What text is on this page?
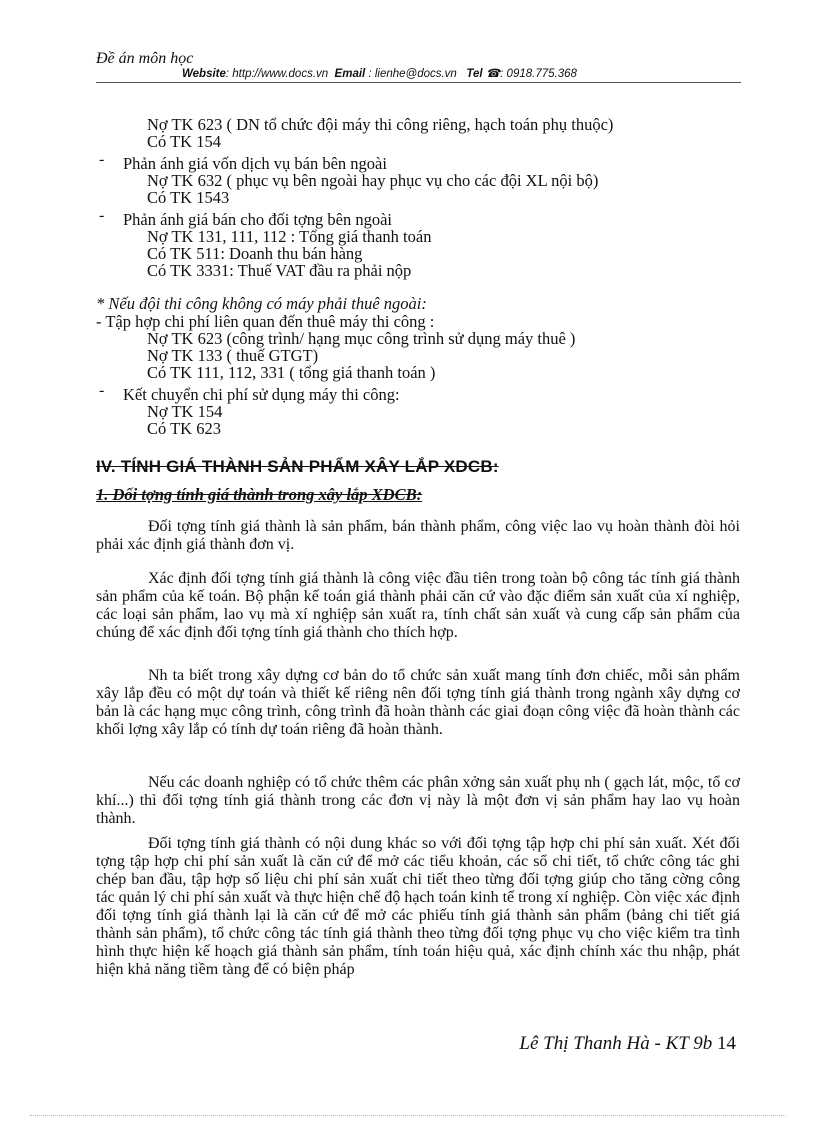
Đề án môn học
Website: http://www.docs.vn Email : lienhe@docs.vn Tel ☎: 0918.775.368
Nợ TK 623 ( DN tổ chức đội máy thi công riêng, hạch toán phụ thuộc)
Có TK 154
- Phản ánh giá vốn dịch vụ bán bên ngoài
Nợ TK 632 ( phục vụ bên ngoài hay phục vụ cho các đội XL nội bộ)
Có TK 1543
- Phản ánh giá bán cho đối tợng bên ngoài
Nợ TK 131, 111, 112 : Tổng giá thanh toán
Có TK 511: Doanh thu bán hàng
Có TK 3331: Thuế VAT đầu ra phải nộp
* Nếu đội thi công không có máy phải thuê ngoài:
- Tập hợp chi phí liên quan đến thuê máy thi công :
Nợ TK 623 (công trình/ hạng mục công trình sử dụng máy thuê )
Nợ TK 133 ( thuế GTGT)
Có TK 111, 112, 331 ( tổng giá thanh toán )
- Kết chuyển chi phí sử dụng máy thi công:
Nợ TK 154
Có TK 623
IV. TÍNH GIÁ THÀNH SẢN PHẨM XÂY LẮP XDCB:
1. Đối tợng tính giá thành trong xây lắp XDCB:
Đối tợng tính giá thành là sản phẩm, bán thành phẩm, công việc lao vụ hoàn thành đòi hỏi phải xác định giá thành đơn vị.
Xác định đối tợng tính giá thành là công việc đầu tiên trong toàn bộ công tác tính giá thành sản phẩm của kế toán. Bộ phận kế toán giá thành phải căn cứ vào đặc điểm sản xuất của xí nghiệp, các loại sản phẩm, lao vụ mà xí nghiệp sản xuất ra, tính chất sản xuất và cung cấp sản phẩm của chúng để xác định đối tợng tính giá thành cho thích hợp.
Nh ta biết trong xây dựng cơ bản do tổ chức sản xuất mang tính đơn chiếc, mỗi sản phẩm xây lắp đều có một dự toán và thiết kế riêng nên đối tợng tính giá thành trong ngành xây dựng cơ bản là các hạng mục công trình, công trình đã hoàn thành các giai đoạn công việc đã hoàn thành các khối lợng xây lắp có tính dự toán riêng đã hoàn thành.
Nếu các doanh nghiệp có tổ chức thêm các phân xởng sản xuất phụ nh ( gạch lát, mộc, tổ cơ khí...) thì đối tợng tính giá thành trong các đơn vị này là một đơn vị sản phẩm hay lao vụ hoàn thành.
Đối tợng tính giá thành có nội dung khác so với đối tợng tập hợp chi phí sản xuất. Xét đối tợng tập hợp chi phí sản xuất là căn cứ để mở các tiểu khoản, các sổ chi tiết, tổ chức công tác ghi chép ban đầu, tập hợp số liệu chi phí sản xuất chi tiết theo từng đối tợng giúp cho tăng cờng công tác quản lý chi phí sản xuất và thực hiện chế độ hạch toán kinh tế trong xí nghiệp. Còn việc xác định đối tợng tính giá thành lại là căn cứ để mở các phiếu tính giá thành sản phẩm (bảng chi tiết giá thành sản phẩm), tổ chức công tác tính giá thành theo từng đối tợng phục vụ cho việc kiểm tra tình hình thực hiện kế hoạch giá thành sản phẩm, tính toán hiệu quả, xác định chính xác thu nhập, phát hiện khả năng tiềm tàng để có biện pháp
Lê Thị Thanh Hà - KT 9b 14
